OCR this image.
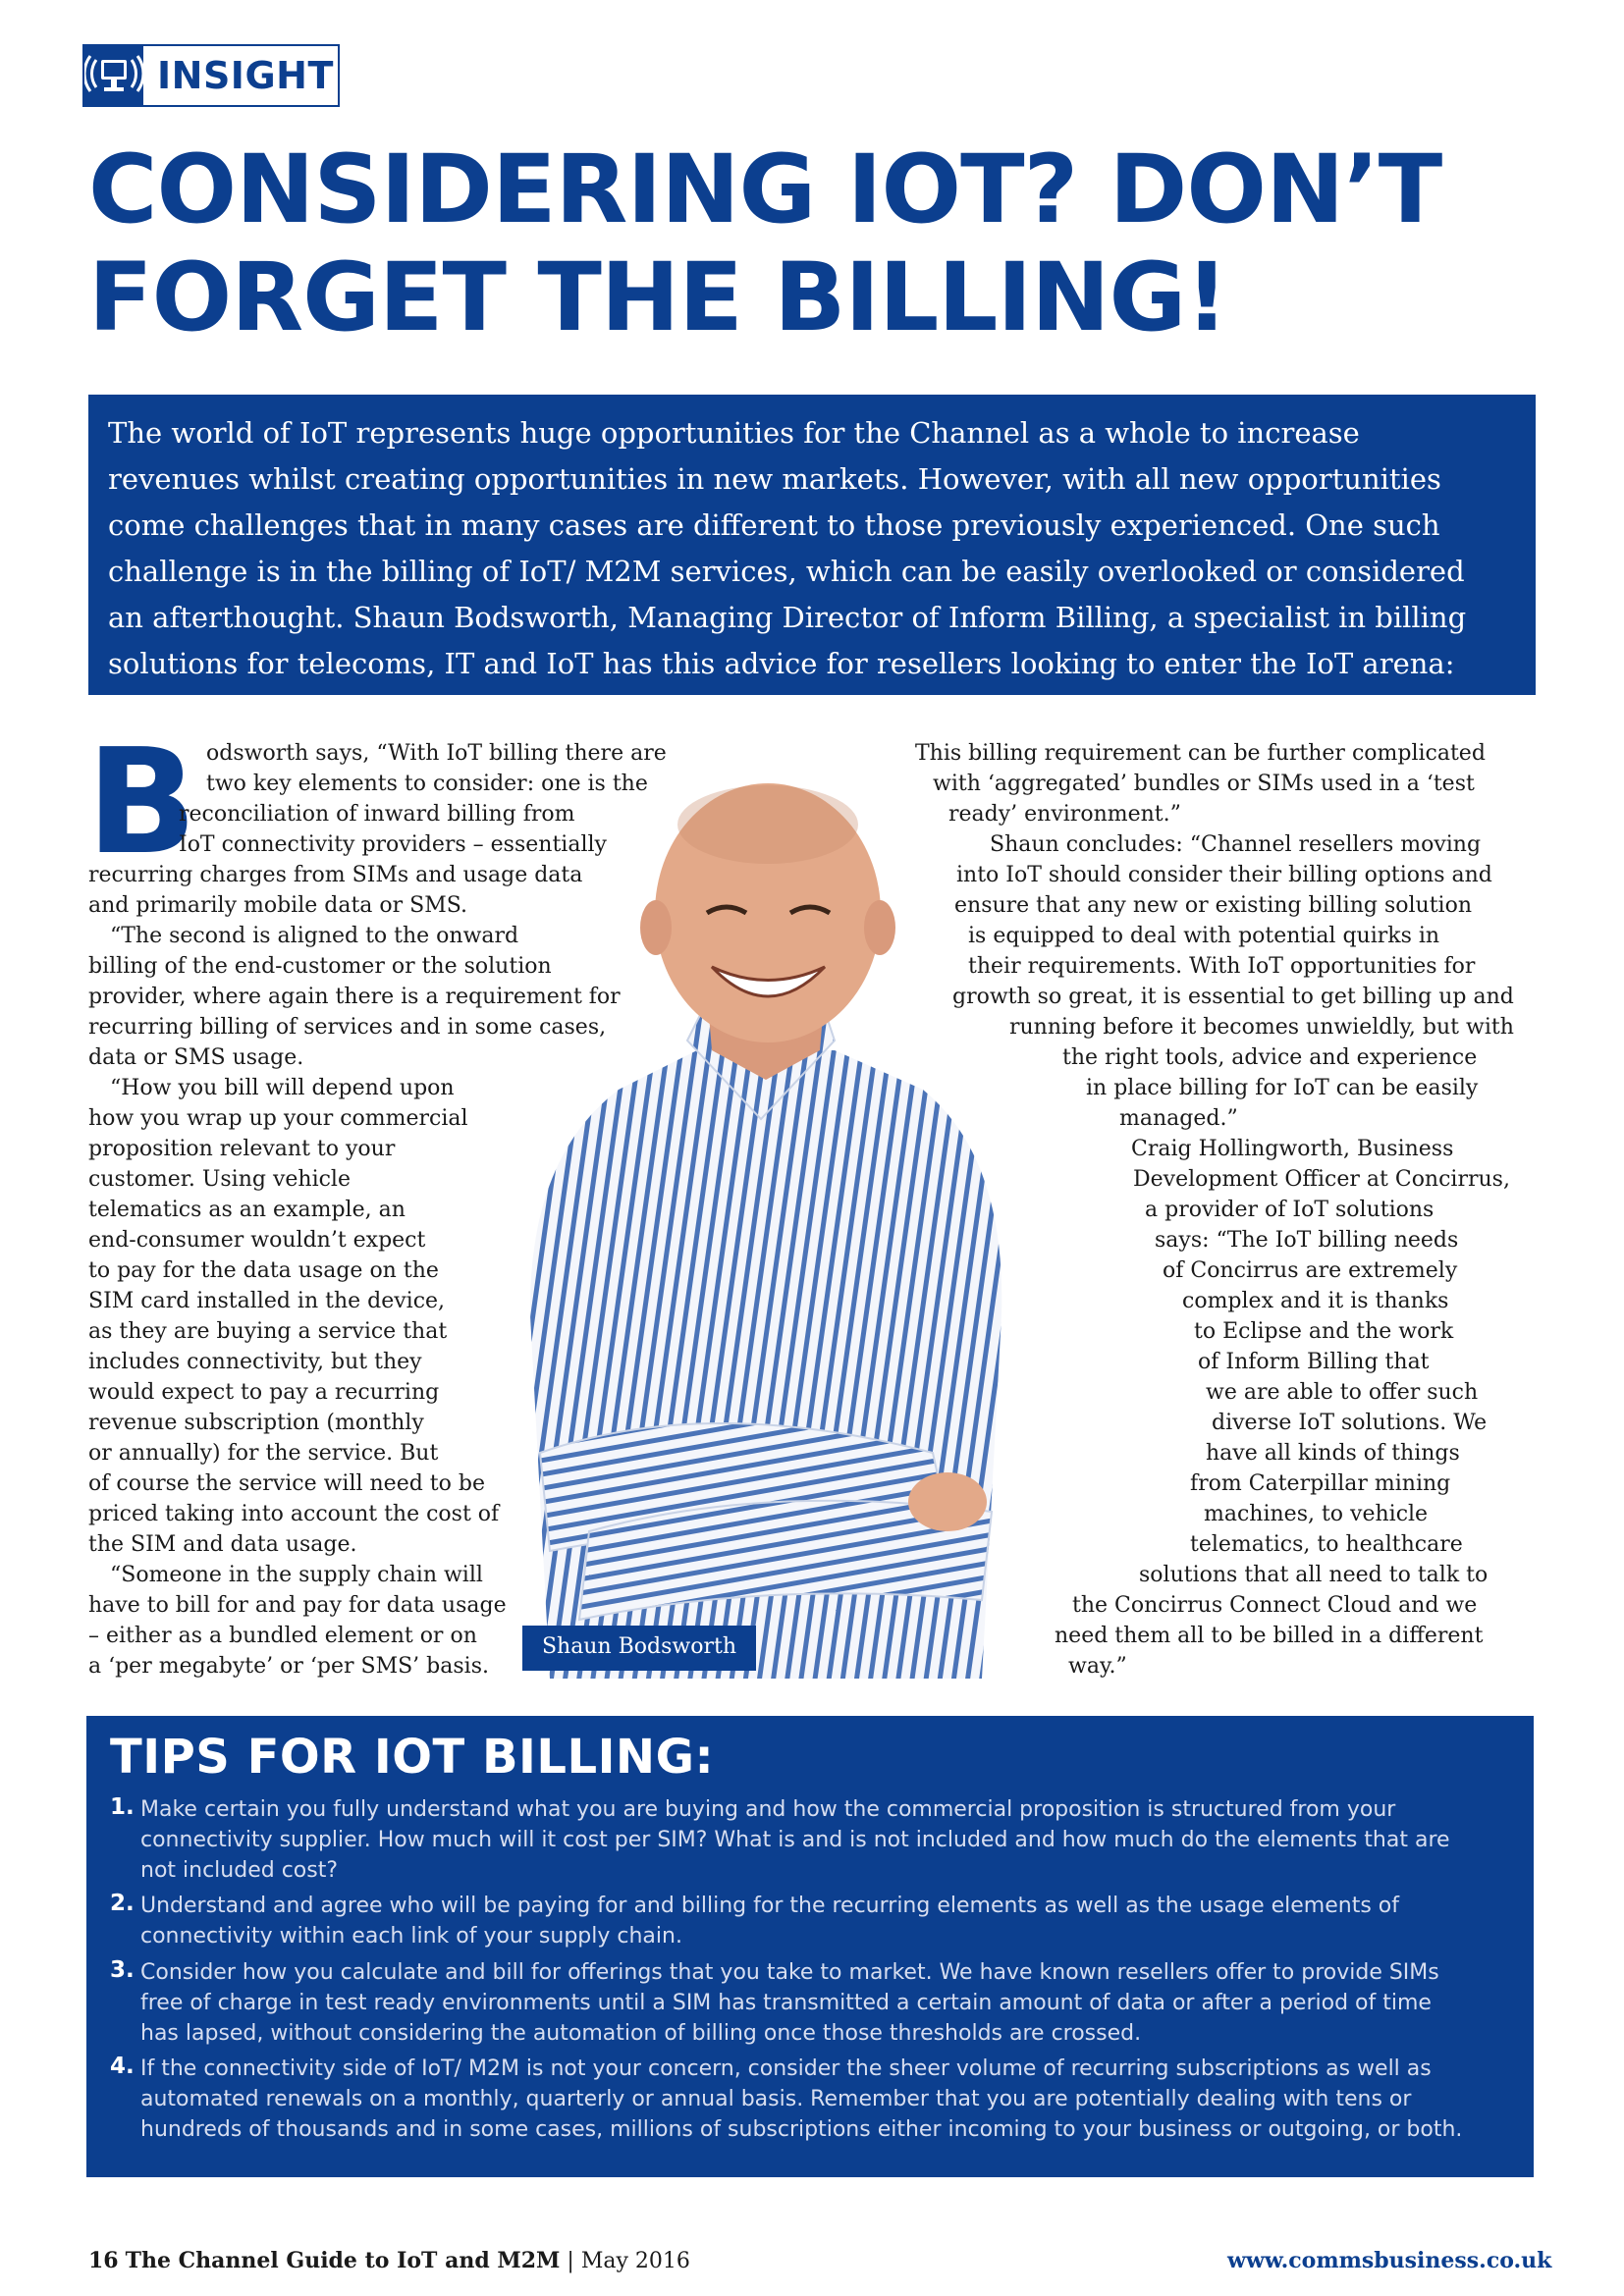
INSIGHT
CONSIDERING IOT? DON’T
FORGET THE BILLING!
The world of IoT represents huge opportunities for the Channel as a whole to increase
revenues whilst creating opportunities in new markets. However, with all new opportunities
come challenges that in many cases are different to those previously experienced. One such
challenge is in the billing of IoT/ M2M services, which can be easily overlooked or considered
an afterthought. Shaun Bodsworth, Managing Director of Inform Billing, a specialist in billing
solutions for telecoms, IT and IoT has this advice for resellers looking to enter the IoT arena:
B odsworth says, “With IoT billing there are
two key elements to consider: one is the
reconciliation of inward billing from
IoT connectivity providers – essentially
recurring charges from SIMs and usage data
and primarily mobile data or SMS.
“The second is aligned to the onward
billing of the end-customer or the solution
provider, where again there is a requirement for
recurring billing of services and in some cases,
data or SMS usage.
“How you bill will depend upon
how you wrap up your commercial
proposition relevant to your
customer. Using vehicle
telematics as an example, an
end-consumer wouldn’t expect
to pay for the data usage on the
SIM card installed in the device,
as they are buying a service that
includes connectivity, but they
would expect to pay a recurring
revenue subscription (monthly
or annually) for the service. But
of course the service will need to be
priced taking into account the cost of
the SIM and data usage.
“Someone in the supply chain will
have to bill for and pay for data usage
– either as a bundled element or on
a ‘per megabyte’ or ‘per SMS’ basis.
This billing requirement can be further complicated
with ‘aggregated’ bundles or SIMs used in a ‘test
ready’ environment.”
Shaun concludes: “Channel resellers moving
into IoT should consider their billing options and
ensure that any new or existing billing solution
is equipped to deal with potential quirks in
their requirements. With IoT opportunities for
growth so great, it is essential to get billing up and
running before it becomes unwieldly, but with
the right tools, advice and experience
in place billing for IoT can be easily
managed.”
Craig Hollingworth, Business
Development Officer at Concirrus,
a provider of IoT solutions
says: “The IoT billing needs
of Concirrus are extremely
complex and it is thanks
to Eclipse and the work
of Inform Billing that
we are able to offer such
diverse IoT solutions. We
have all kinds of things
from Caterpillar mining
machines, to vehicle
telematics, to healthcare
solutions that all need to talk to
the Concirrus Connect Cloud and we
need them all to be billed in a different
way.”
Shaun Bodsworth
TIPS FOR IOT BILLING:
1. Make certain you fully understand what you are buying and how the commercial proposition is structured from your
connectivity supplier. How much will it cost per SIM? What is and is not included and how much do the elements that are
not included cost?
2. Understand and agree who will be paying for and billing for the recurring elements as well as the usage elements of
connectivity within each link of your supply chain.
3. Consider how you calculate and bill for offerings that you take to market. We have known resellers offer to provide SIMs
free of charge in test ready environments until a SIM has transmitted a certain amount of data or after a period of time
has lapsed, without considering the automation of billing once those thresholds are crossed.
4. If the connectivity side of IoT/ M2M is not your concern, consider the sheer volume of recurring subscriptions as well as
automated renewals on a monthly, quarterly or annual basis. Remember that you are potentially dealing with tens or
hundreds of thousands and in some cases, millions of subscriptions either incoming to your business or outgoing, or both.
16 The Channel Guide to IoT and M2M | May 2016	www.commsbusiness.co.uk
